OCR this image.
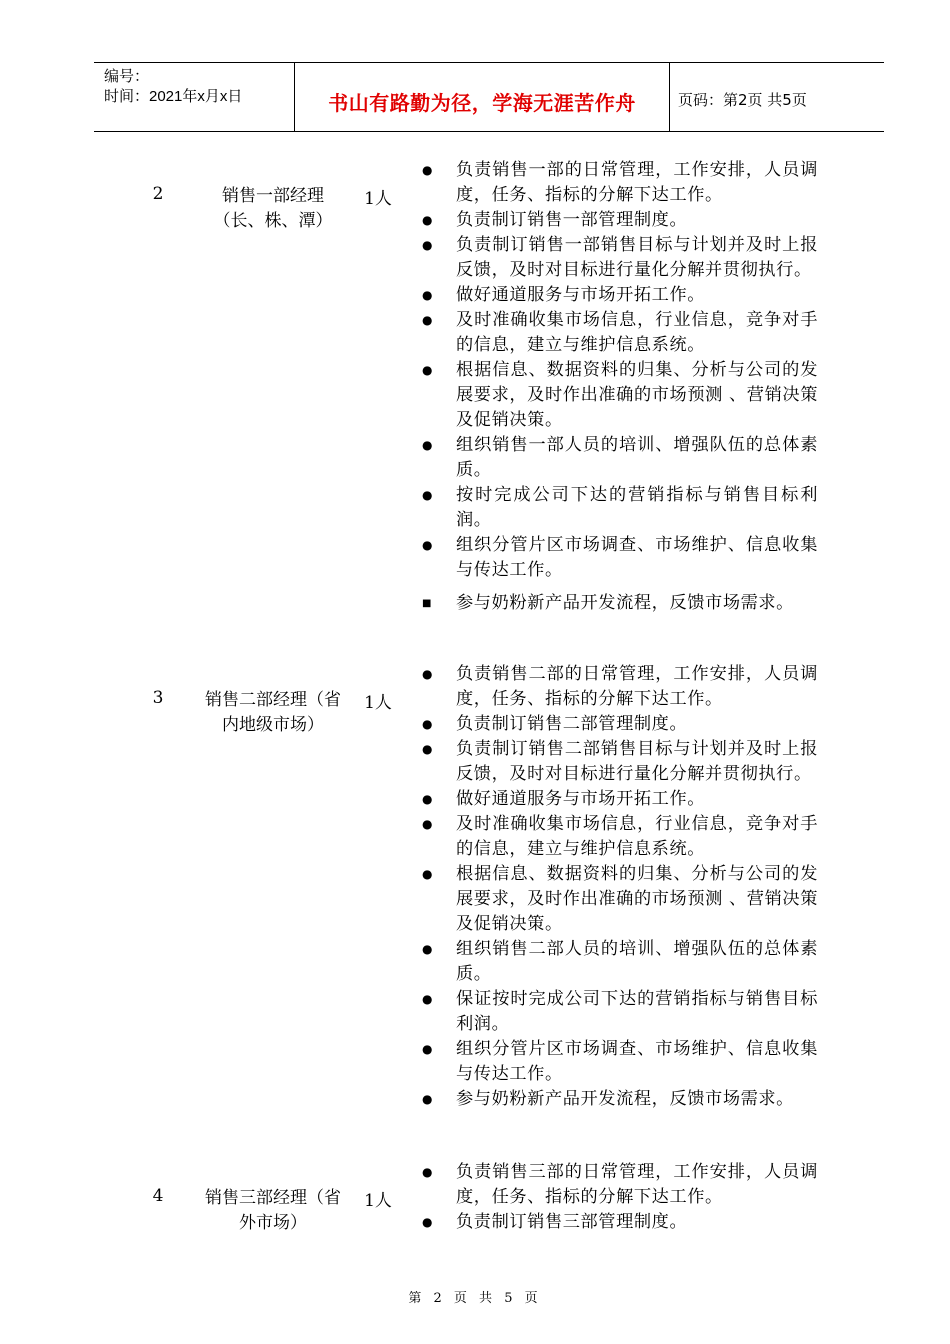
编号：
时间：2021年x月x日	书山有路勤为径，学海无涯苦作舟	页码：第2页 共5页
2	销售一部经理（长、株、潭）
1人
● 负责销售一部的日常管理，工作安排，人员调度，任务、指标的分解下达工作。
● 负责制订销售一部管理制度。
● 负责制订销售一部销售目标与计划并及时上报反馈，及时对目标进行量化分解并贯彻执行。
● 做好通道服务与市场开拓工作。
● 及时准确收集市场信息，行业信息，竞争对手的信息，建立与维护信息系统。
● 根据信息、数据资料的归集、分析与公司的发展要求，及时作出准确的市场预测 、营销决策及促销决策。
● 组织销售一部人员的培训、增强队伍的总体素质。
● 按时完成公司下达的营销指标与销售目标利润。
● 组织分管片区市场调查、市场维护、信息收集与传达工作。
■ 参与奶粉新产品开发流程，反馈市场需求。
3	销售二部经理（省内地级市场）
1人
● 负责销售二部的日常管理，工作安排，人员调度，任务、指标的分解下达工作。
● 负责制订销售二部管理制度。
● 负责制订销售二部销售目标与计划并及时上报反馈，及时对目标进行量化分解并贯彻执行。
● 做好通道服务与市场开拓工作。
● 及时准确收集市场信息，行业信息，竞争对手的信息，建立与维护信息系统。
● 根据信息、数据资料的归集、分析与公司的发展要求，及时作出准确的市场预测 、营销决策及促销决策。
● 组织销售二部人员的培训、增强队伍的总体素质。
● 保证按时完成公司下达的营销指标与销售目标利润。
● 组织分管片区市场调查、市场维护、信息收集与传达工作。
● 参与奶粉新产品开发流程，反馈市场需求。
4	销售三部经理（省外市场）
1人
● 负责销售三部的日常管理，工作安排，人员调度，任务、指标的分解下达工作。
● 负责制订销售三部管理制度。
第 2 页 共 5 页
